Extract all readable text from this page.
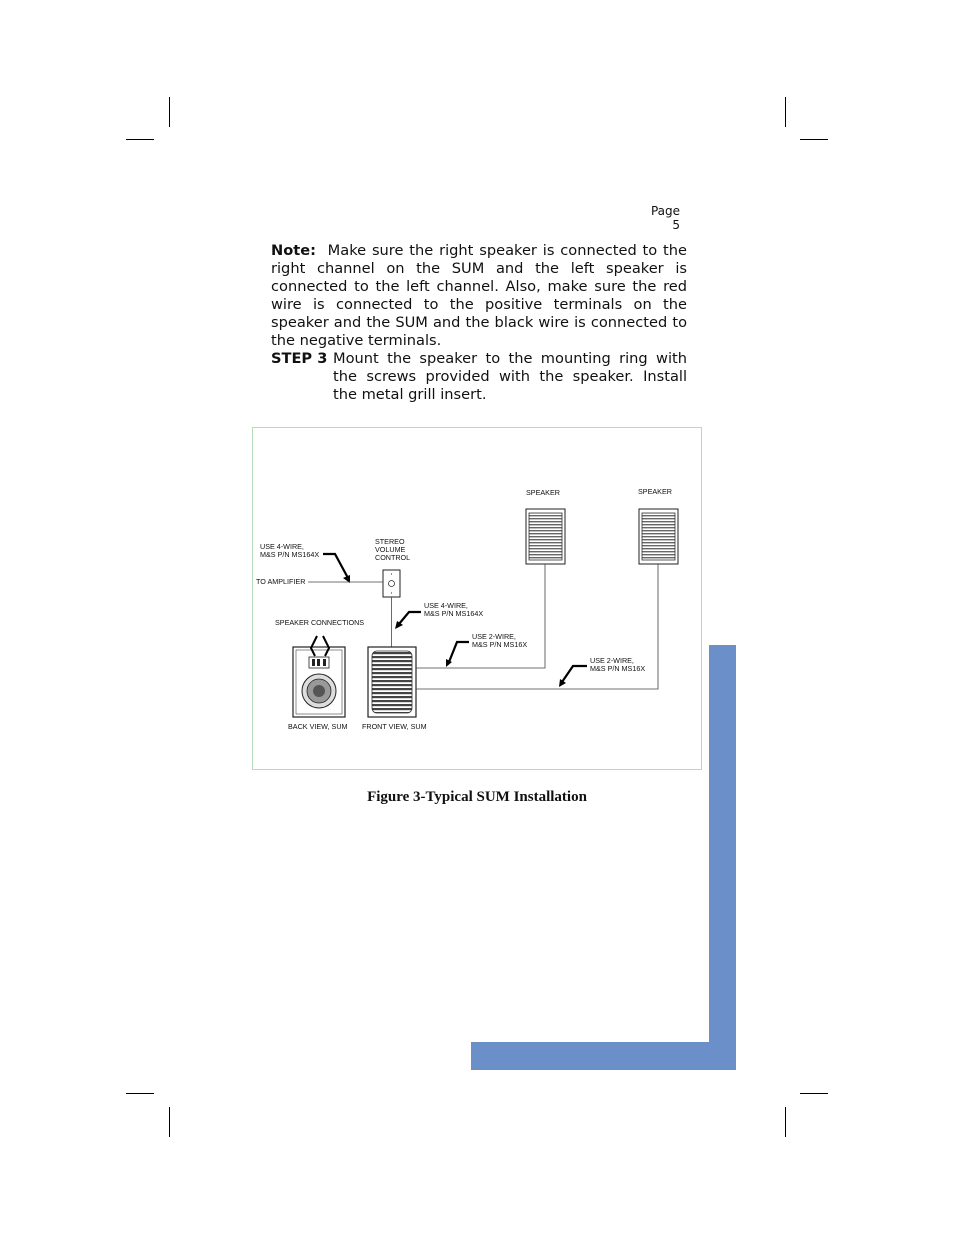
Page 5
Note: Make sure the right speaker is connected to the right channel on the SUM and the left speaker is connected to the left channel. Also, make sure the red wire is connected to the positive terminals on the speaker and the SUM and the black wire is connected to the negative terminals.
STEP 3 Mount the speaker to the mounting ring with the screws provided with the speaker. Install the metal grill insert.
SPEAKER	SPEAKER
STEREO
VOLUME
CONTROL
USE 4-WIRE,
M&S P/N MS164X
TO AMPLIFIER
USE 4-WIRE,
M&S P/N MS164X
SPEAKER CONNECTIONS
USE 2-WIRE,
M&S P/N MS16X
USE 2-WIRE,
M&S P/N MS16X
BACK VIEW, SUM FRONT VIEW, SUM
Figure 3-Typical SUM Installation
